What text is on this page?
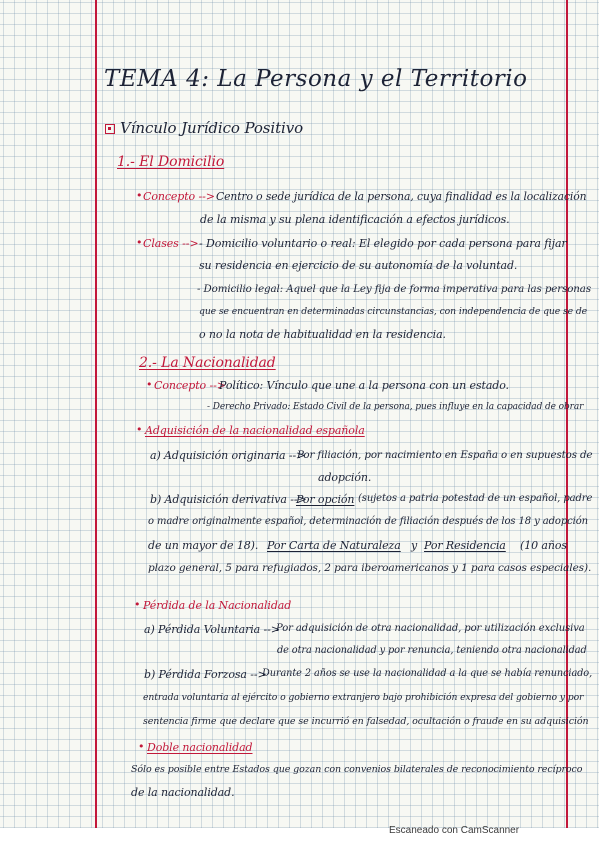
TEMA 4: La Persona y el Territorio
Vínculo Jurídico Positivo
1.- El Domicilio
• Concepto --> Centro o sede jurídica de la persona, cuya finalidad es la localización
de la misma y su plena identificación a efectos jurídicos.
• Clases --> - Domicilio voluntario o real: El elegido por cada persona para fijar
su residencia en ejercicio de su autonomía de la voluntad.
- Domicilio legal: Aquel que la Ley fija de forma imperativa para las personas
que se encuentran en determinadas circunstancias, con independencia de que se de
o no la nota de habitualidad en la residencia.
2.- La Nacionalidad
• Concepto -->
Político: Vínculo que une a la persona con un estado.
- Derecho Privado: Estado Civil de la persona, pues influye en la capacidad de obrar
• Adquisición de la nacionalidad española
a) Adquisición originaria -->
Por filiación, por nacimiento en España o en supuestos de
adopción.
b) Adquisición derivativa -->
Por opción (sujetos a patria potestad de un español, padre
o madre originalmente español, determinación de filiación después de los 18 y adopción
de un mayor de 18). Por Carta de Naturaleza y Por Residencia (10 años
plazo general, 5 para refugiados, 2 para iberoamericanos y 1 para casos especiales).
• Pérdida de la Nacionalidad
a) Pérdida Voluntaria -->
Por adquisición de otra nacionalidad, por utilización exclusiva
de otra nacionalidad y por renuncia, teniendo otra nacionalidad
b) Pérdida Forzosa -->
Durante 2 años se use la nacionalidad a la que se había renunciado,
entrada voluntaria al ejército o gobierno extranjero bajo prohibición expresa del gobierno y por
sentencia firme que declare que se incurrió en falsedad, ocultación o fraude en su adquisición
• Doble nacionalidad
Sólo es posible entre Estados que gozan con convenios bilaterales de reconocimiento recíproco
de la nacionalidad.
Escaneado con CamScanner
